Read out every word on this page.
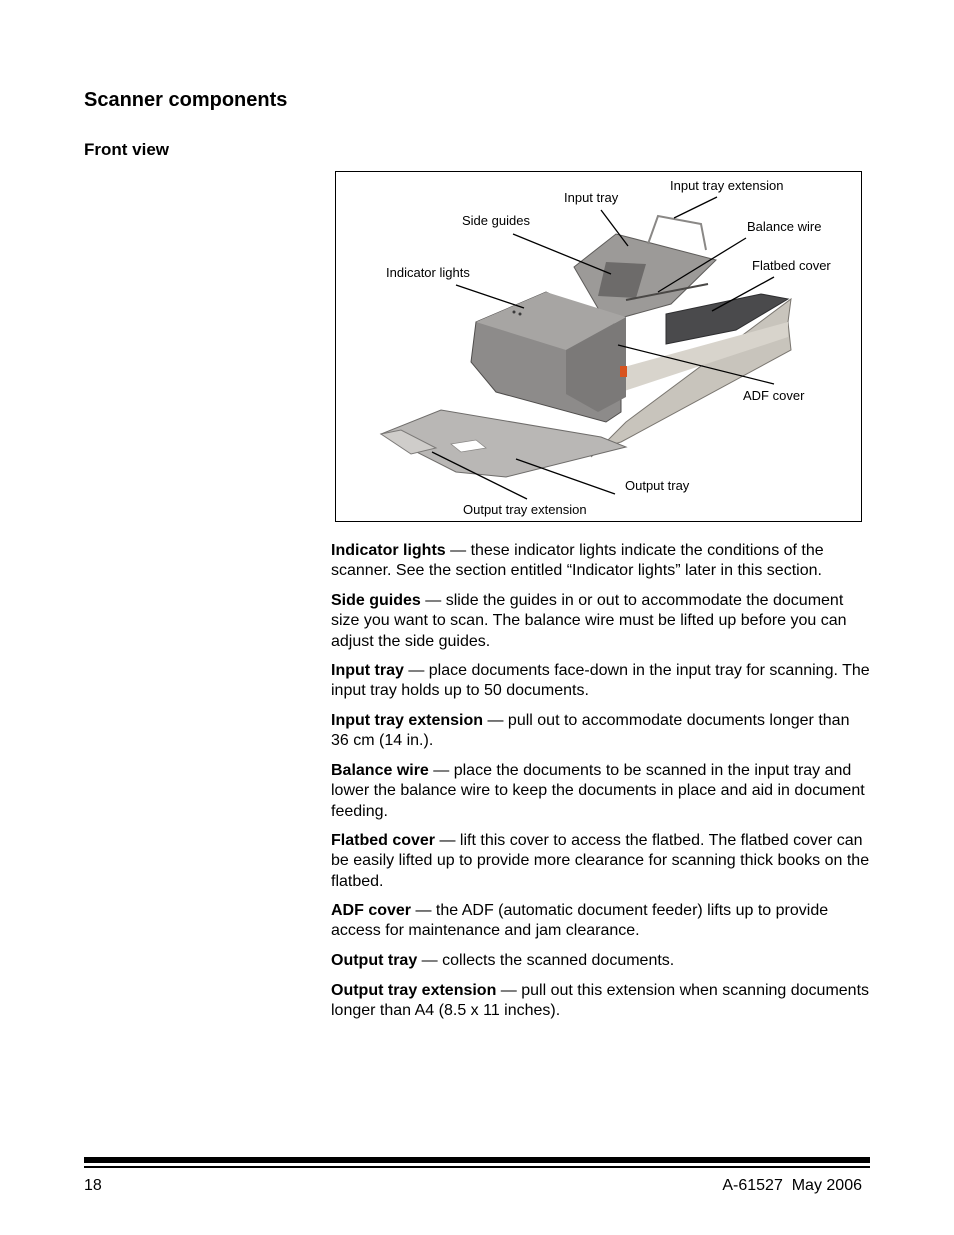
Scanner components
Front view
Input tray extension
Input tray
Side guides	Balance wire
Indicator lights	Flatbed cover
ADF cover
Output tray
Output tray extension
Indicator lights — these indicator lights indicate the conditions of the scanner. See the section entitled “Indicator lights” later in this section.
Side guides — slide the guides in or out to accommodate the document size you want to scan. The balance wire must be lifted up before you can adjust the side guides.
Input tray — place documents face-down in the input tray for scanning. The input tray holds up to 50 documents.
Input tray extension — pull out to accommodate documents longer than 36 cm (14 in.).
Balance wire — place the documents to be scanned in the input tray and lower the balance wire to keep the documents in place and aid in document feeding.
Flatbed cover — lift this cover to access the flatbed. The flatbed cover can be easily lifted up to provide more clearance for scanning thick books on the flatbed.
ADF cover — the ADF (automatic document feeder) lifts up to provide access for maintenance and jam clearance.
Output tray — collects the scanned documents.
Output tray extension — pull out this extension when scanning documents longer than A4 (8.5 x 11 inches).
18	A-61527  May 2006
